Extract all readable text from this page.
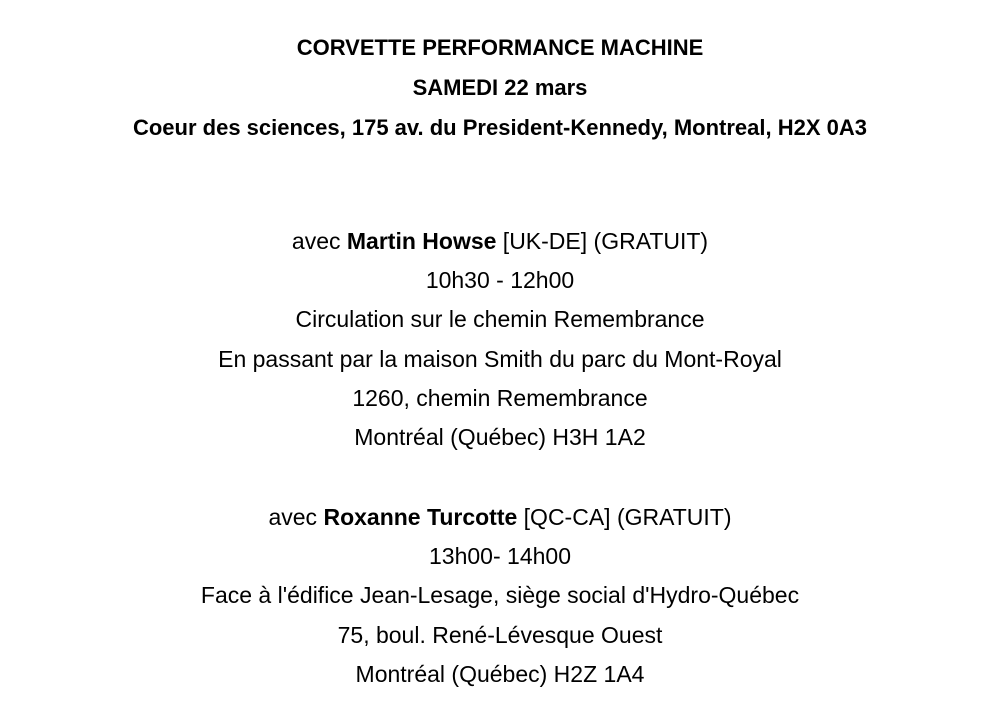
CORVETTE PERFORMANCE MACHINE
SAMEDI 22 mars
Coeur des sciences, 175 av. du President-Kennedy, Montreal, H2X 0A3
avec Martin Howse [UK-DE] (GRATUIT)
10h30 - 12h00
Circulation sur le chemin Remembrance
En passant par la maison Smith du parc du Mont-Royal
1260, chemin Remembrance
Montréal (Québec) H3H 1A2
avec Roxanne Turcotte [QC-CA] (GRATUIT)
13h00- 14h00
Face à l'édifice Jean-Lesage, siège social d'Hydro-Québec
75, boul. René-Lévesque Ouest
Montréal (Québec) H2Z 1A4
